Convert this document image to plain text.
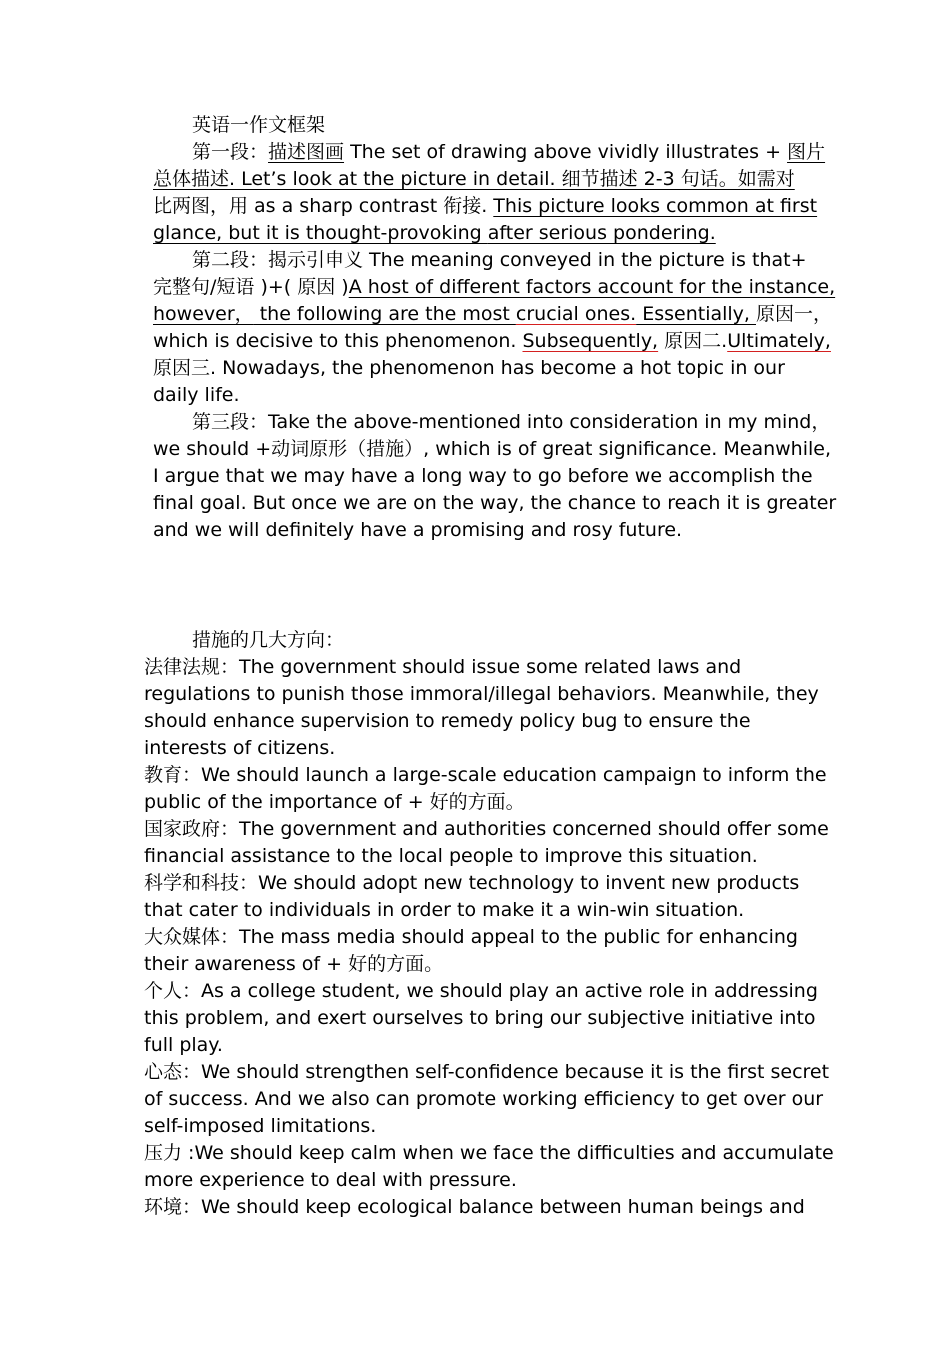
英语一作文框架
第一段：描述图画 The set of drawing above vividly illustrates + 图片
总体描述. Let’s look at the picture in detail. 细节描述 2-3 句话。如需对
比两图，用 as a sharp contrast 衔接. This picture looks common at first
glance, but it is thought-provoking after serious pondering.
第二段：揭示引申义 The meaning conveyed in the picture is that+
完整句/短语 )+( 原因 )A host of different factors account for the instance,
however， the following are the most crucial ones. Essentially, 原因一，
which is decisive to this phenomenon. Subsequently, 原因二.Ultimately,
原因三. Nowadays, the phenomenon has become a hot topic in our
daily life.
第三段：Take the above-mentioned into consideration in my mind，
we should +动词原形（措施）, which is of great significance. Meanwhile,
I argue that we may have a long way to go before we accomplish the
final goal. But once we are on the way, the chance to reach it is greater
and we will definitely have a promising and rosy future.
措施的几大方向：
法律法规：The government should issue some related laws and
regulations to punish those immoral/illegal behaviors. Meanwhile, they
should enhance supervision to remedy policy bug to ensure the
interests of citizens.
教育：We should launch a large-scale education campaign to inform the
public of the importance of + 好的方面。
国家政府：The government and authorities concerned should offer some
financial assistance to the local people to improve this situation.
科学和科技：We should adopt new technology to invent new products
that cater to individuals in order to make it a win-win situation.
大众媒体：The mass media should appeal to the public for enhancing
their awareness of + 好的方面。
个人：As a college student, we should play an active role in addressing
this problem, and exert ourselves to bring our subjective initiative into
full play.
心态：We should strengthen self-confidence because it is the first secret
of success. And we also can promote working efficiency to get over our
self-imposed limitations.
压力 :We should keep calm when we face the difficulties and accumulate
more experience to deal with pressure.
环境：We should keep ecological balance between human beings and
